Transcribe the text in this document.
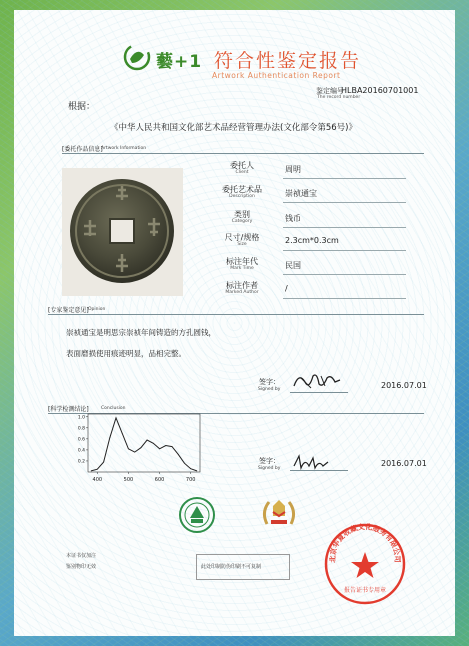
藝+1 符合性鉴定报告
Artwork Authentication Report
鉴定编号
The record number
HLBA20160701001
根据：
《中华人民共和国文化部艺术品经营管理办法(文化部令第56号)》
[委托作品信息]
Artwork Information
委托人
Client	周明
委托艺术品
Description	崇祯通宝
类别
Category	钱币
尺寸/规格
Size	2.3cm*0.3cm
标注年代
Mark Time	民国
标注作者
Marked Author	/
[专家鉴定意见] Opinion
崇祯通宝是明思宗崇祯年间铸造的方孔圆钱，
表面磨损使用痕迹明显，品相完整。
签字：
Signed by	2016.07.01
[科学检测结论]	Conclusion
400	500	600	700
0.2
0.4
0.6
0.8
1.0
签字：
Signed by
2016.07.01
本证书仅加注
鉴别物印无效	此处印制防伪印刷不可复制
北京华夏收藏文化服务有限公司
报告证书专用章
